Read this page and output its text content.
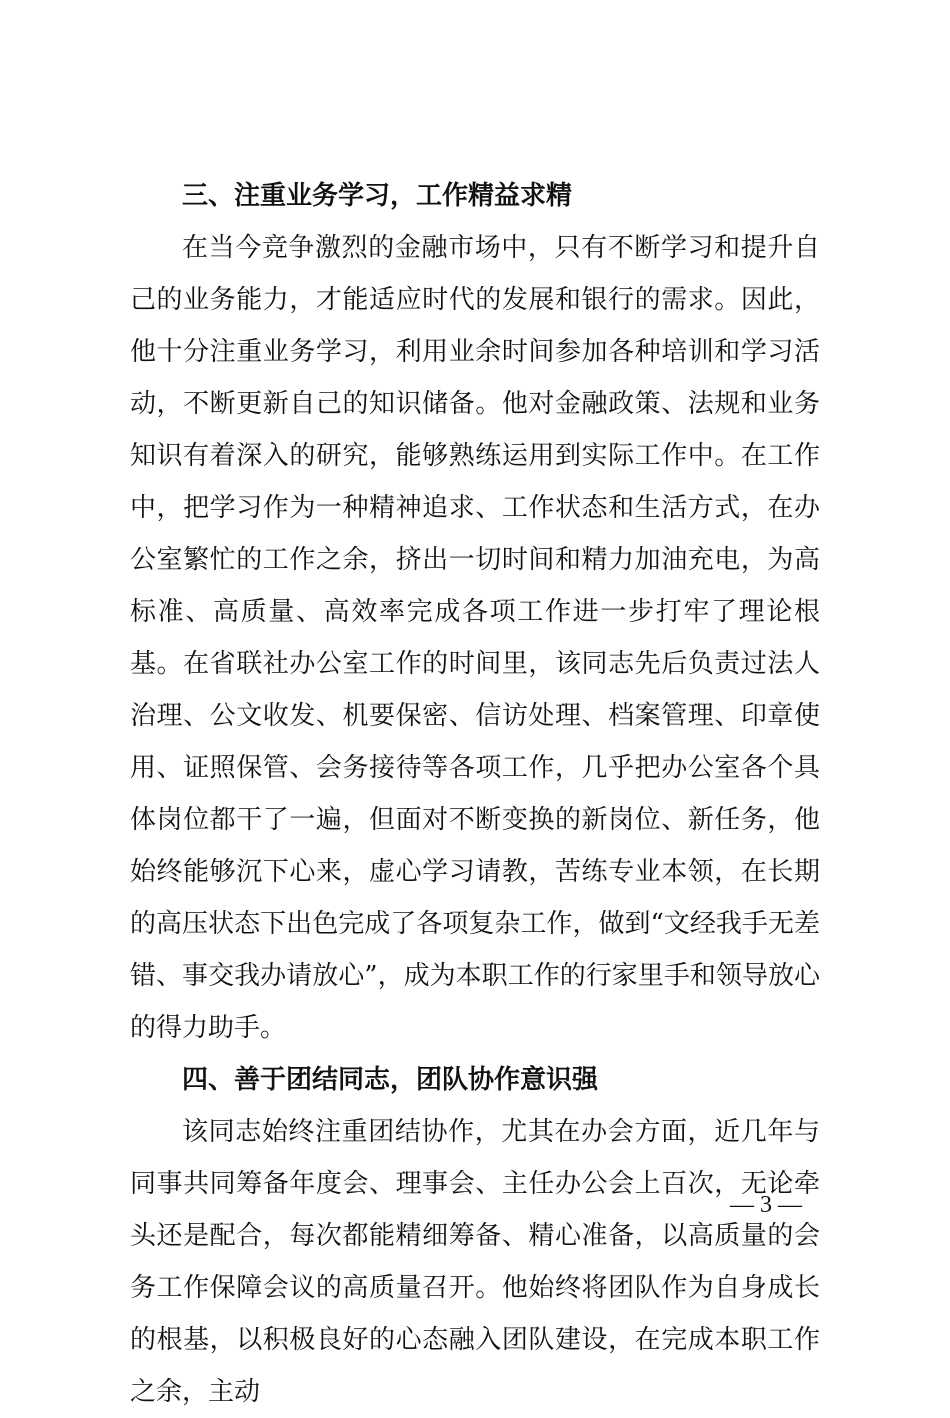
三、注重业务学习，工作精益求精

在当今竞争激烈的金融市场中，只有不断学习和提升自己的业务能力，才能适应时代的发展和银行的需求。因此，他十分注重业务学习，利用业余时间参加各种培训和学习活动，不断更新自己的知识储备。他对金融政策、法规和业务知识有着深入的研究，能够熟练运用到实际工作中。在工作中，把学习作为一种精神追求、工作状态和生活方式，在办公室繁忙的工作之余，挤出一切时间和精力加油充电，为高标准、高质量、高效率完成各项工作进一步打牢了理论根基。在省联社办公室工作的时间里，该同志先后负责过法人治理、公文收发、机要保密、信访处理、档案管理、印章使用、证照保管、会务接待等各项工作，几乎把办公室各个具体岗位都干了一遍，但面对不断变换的新岗位、新任务，他始终能够沉下心来，虚心学习请教，苦练专业本领，在长期的高压状态下出色完成了各项复杂工作，做到“文经我手无差错、事交我办请放心”，成为本职工作的行家里手和领导放心的得力助手。

四、善于团结同志，团队协作意识强

该同志始终注重团结协作，尤其在办会方面，近几年与同事共同筹备年度会、理事会、主任办公会上百次，无论牵头还是配合，每次都能精细筹备、精心准备，以高质量的会务工作保障会议的高质量召开。他始终将团队作为自身成长的根基，以积极良好的心态融入团队建设，在完成本职工作之余，主动

— 3 —
